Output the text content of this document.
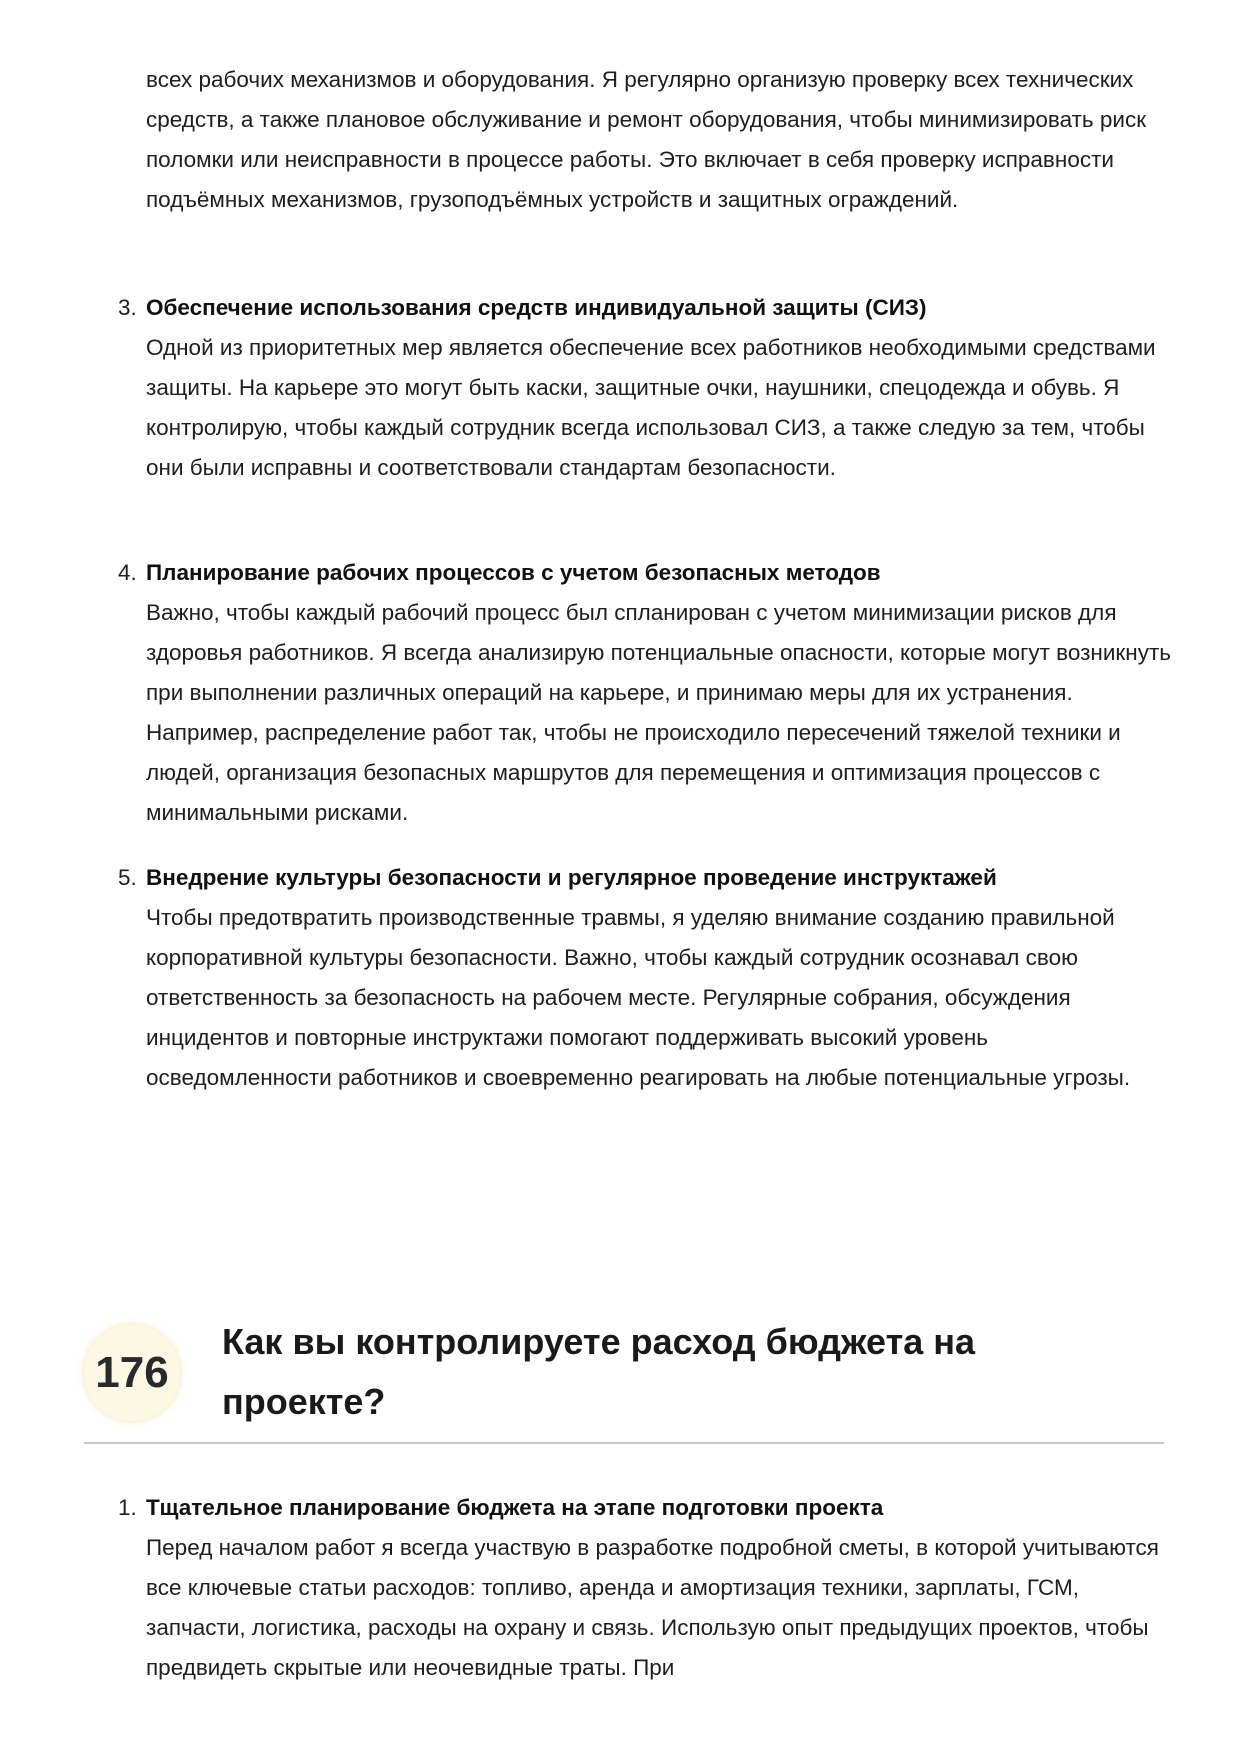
всех рабочих механизмов и оборудования. Я регулярно организую проверку всех технических средств, а также плановое обслуживание и ремонт оборудования, чтобы минимизировать риск поломки или неисправности в процессе работы. Это включает в себя проверку исправности подъёмных механизмов, грузоподъёмных устройств и защитных ограждений.
3. Обеспечение использования средств индивидуальной защиты (СИЗ)
Одной из приоритетных мер является обеспечение всех работников необходимыми средствами защиты. На карьере это могут быть каски, защитные очки, наушники, спецодежда и обувь. Я контролирую, чтобы каждый сотрудник всегда использовал СИЗ, а также следую за тем, чтобы они были исправны и соответствовали стандартам безопасности.
4. Планирование рабочих процессов с учетом безопасных методов
Важно, чтобы каждый рабочий процесс был спланирован с учетом минимизации рисков для здоровья работников. Я всегда анализирую потенциальные опасности, которые могут возникнуть при выполнении различных операций на карьере, и принимаю меры для их устранения. Например, распределение работ так, чтобы не происходило пересечений тяжелой техники и людей, организация безопасных маршрутов для перемещения и оптимизация процессов с минимальными рисками.
5. Внедрение культуры безопасности и регулярное проведение инструктажей
Чтобы предотвратить производственные травмы, я уделяю внимание созданию правильной корпоративной культуры безопасности. Важно, чтобы каждый сотрудник осознавал свою ответственность за безопасность на рабочем месте. Регулярные собрания, обсуждения инцидентов и повторные инструктажи помогают поддерживать высокий уровень осведомленности работников и своевременно реагировать на любые потенциальные угрозы.
176
Как вы контролируете расход бюджета на проекте?
1. Тщательное планирование бюджета на этапе подготовки проекта
Перед началом работ я всегда участвую в разработке подробной сметы, в которой учитываются все ключевые статьи расходов: топливо, аренда и амортизация техники, зарплаты, ГСМ, запчасти, логистика, расходы на охрану и связь. Использую опыт предыдущих проектов, чтобы предвидеть скрытые или неочевидные траты. При
